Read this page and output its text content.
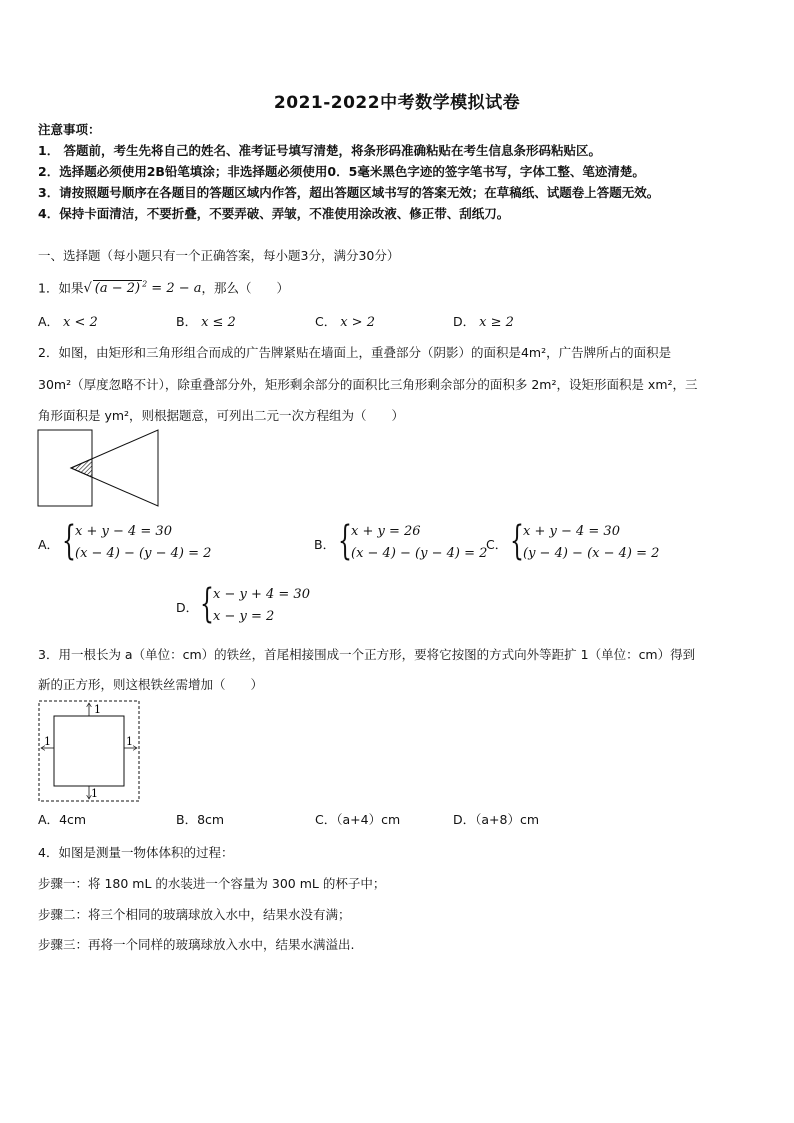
2021-2022中考数学模拟试卷
注意事项：
1． 答题前，考生先将自己的姓名、准考证号填写清楚，将条形码准确粘贴在考生信息条形码粘贴区。
2．选择题必须使用2B铅笔填涂；非选择题必须使用0．5毫米黑色字迹的签字笔书写，字体工整、笔迹清楚。
3．请按照题号顺序在各题目的答题区域内作答，超出答题区域书写的答案无效；在草稿纸、试题卷上答题无效。
4．保持卡面清洁，不要折叠，不要弄破、弄皱，不准使用涂改液、修正带、刮纸刀。
一、选择题（每小题只有一个正确答案，每小题3分，满分30分）
1．如果√ (a − 2) $^2$ = 2 − a，那么（　　）
A． x < 2	B． x ≤ 2	C． x > 2	D． x ≥ 2
2．如图，由矩形和三角形组合而成的广告牌紧贴在墙面上，重叠部分（阴影）的面积是4m²，广告牌所占的面积是
30m²（厚度忽略不计），除重叠部分外，矩形剩余部分的面积比三角形剩余部分的面积多 2m²，设矩形面积是 xm²，三
角形面积是 ym²，则根据题意，可列出二元一次方程组为（　　）
A． { x + y − 4 = 30
(x − 4) − (y − 4) = 2
B． { x + y = 26
(x − 4) − (y − 4) = 2
C． { x + y − 4 = 30
(y − 4) − (x − 4) = 2
D． { x − y + 4 = 30
x − y = 2
3．用一根长为 a（单位：cm）的铁丝，首尾相接围成一个正方形，要将它按图的方式向外等距扩 1（单位：cm）得到
新的正方形，则这根铁丝需增加（　　）
1
1
1	1
A．4cm	B．8cm	C．（a+4）cm	D．（a+8）cm
4．如图是测量一物体体积的过程：
步骤一：将 180 mL 的水装进一个容量为 300 mL 的杯子中；
步骤二：将三个相同的玻璃球放入水中，结果水没有满；
步骤三：再将一个同样的玻璃球放入水中，结果水满溢出.
